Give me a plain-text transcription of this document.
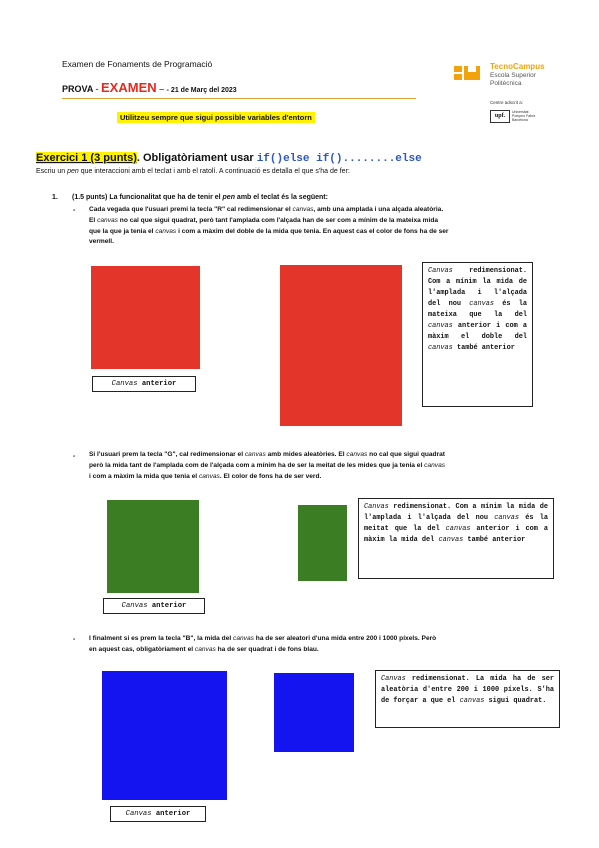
Examen de Fonaments de Programació
PROVA - EXAMEN – - 21 de Març del 2023
Utilitzeu sempre que sigui possible variables d'entorn
TecnoCampus
Escola Superior
Politècnica
Centre adscrit a:
upf.
Universitat
Pompeu Fabra
Barcelona
Exercici 1 (3 punts). Obligatòriament usar if()else if()........else
Escriu un pen que interaccioni amb el teclat i amb el ratolí. A continuació es detalla el que s'ha de fer:
1. (1.5 punts) La funcionalitat que ha de tenir el pen amb el teclat és la següent:
- Cada vegada que l'usuari premi la tecla "R" cal redimensionar el canvas, amb una amplada i una alçada aleatòria.
El canvas no cal que sigui quadrat, però tant l'amplada com l'alçada han de ser com a mínim de la mateixa mida
que la que ja tenia el canvas i com a màxim del doble de la mida que tenia. En aquest cas el color de fons ha de ser
vermell.
Canvas anterior
Canvas redimensionat. Com a mínim la mida de l'amplada i l'alçada del nou canvas és la mateixa que la del canvas anterior i com a màxim el doble del canvas també anterior
- Si l'usuari prem la tecla "G", cal redimensionar el canvas amb mides aleatòries. El canvas no cal que sigui quadrat
però la mida tant de l'amplada com de l'alçada com a mínim ha de ser la meitat de les mides que ja tenia el canvas
i com a màxim la mida que tenia el canvas. El color de fons ha de ser verd.
Canvas anterior
Canvas redimensionat. Com a mínim la mida de l'amplada i l'alçada del nou canvas és la meitat que la del canvas anterior i com a màxim la mida del canvas també anterior
- I finalment si es prem la tecla "B", la mida del canvas ha de ser aleatori d'una mida entre 200 i 1000 píxels. Però
en aquest cas, obligatòriament el canvas ha de ser quadrat i de fons blau.
Canvas anterior
Canvas redimensionat. La mida ha de ser aleatòria d'entre 200 i 1000 píxels. S'ha de forçar a que el canvas sigui quadrat.
